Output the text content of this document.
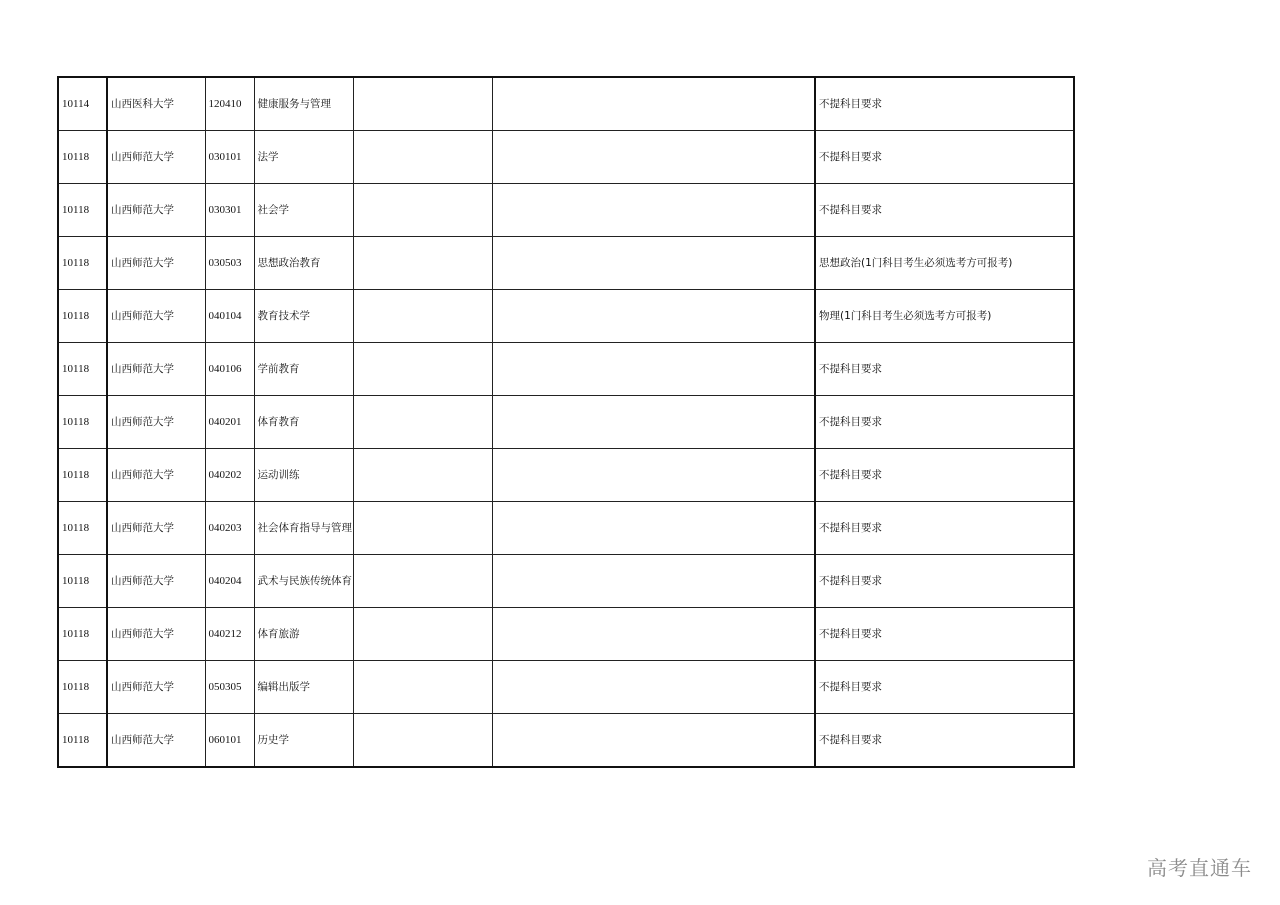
10114	山西医科大学	120410	健康服务与管理			不提科目要求
10118	山西师范大学	030101	法学			不提科目要求
10118	山西师范大学	030301	社会学			不提科目要求
10118	山西师范大学	030503	思想政治教育			思想政治(1门科目考生必须选考方可报考)
10118	山西师范大学	040104	教育技术学			物理(1门科目考生必须选考方可报考)
10118	山西师范大学	040106	学前教育			不提科目要求
10118	山西师范大学	040201	体育教育			不提科目要求
10118	山西师范大学	040202	运动训练			不提科目要求
10118	山西师范大学	040203	社会体育指导与管理			不提科目要求
10118	山西师范大学	040204	武术与民族传统体育			不提科目要求
10118	山西师范大学	040212	体育旅游			不提科目要求
10118	山西师范大学	050305	编辑出版学			不提科目要求
10118	山西师范大学	060101	历史学			不提科目要求
高考直通车
